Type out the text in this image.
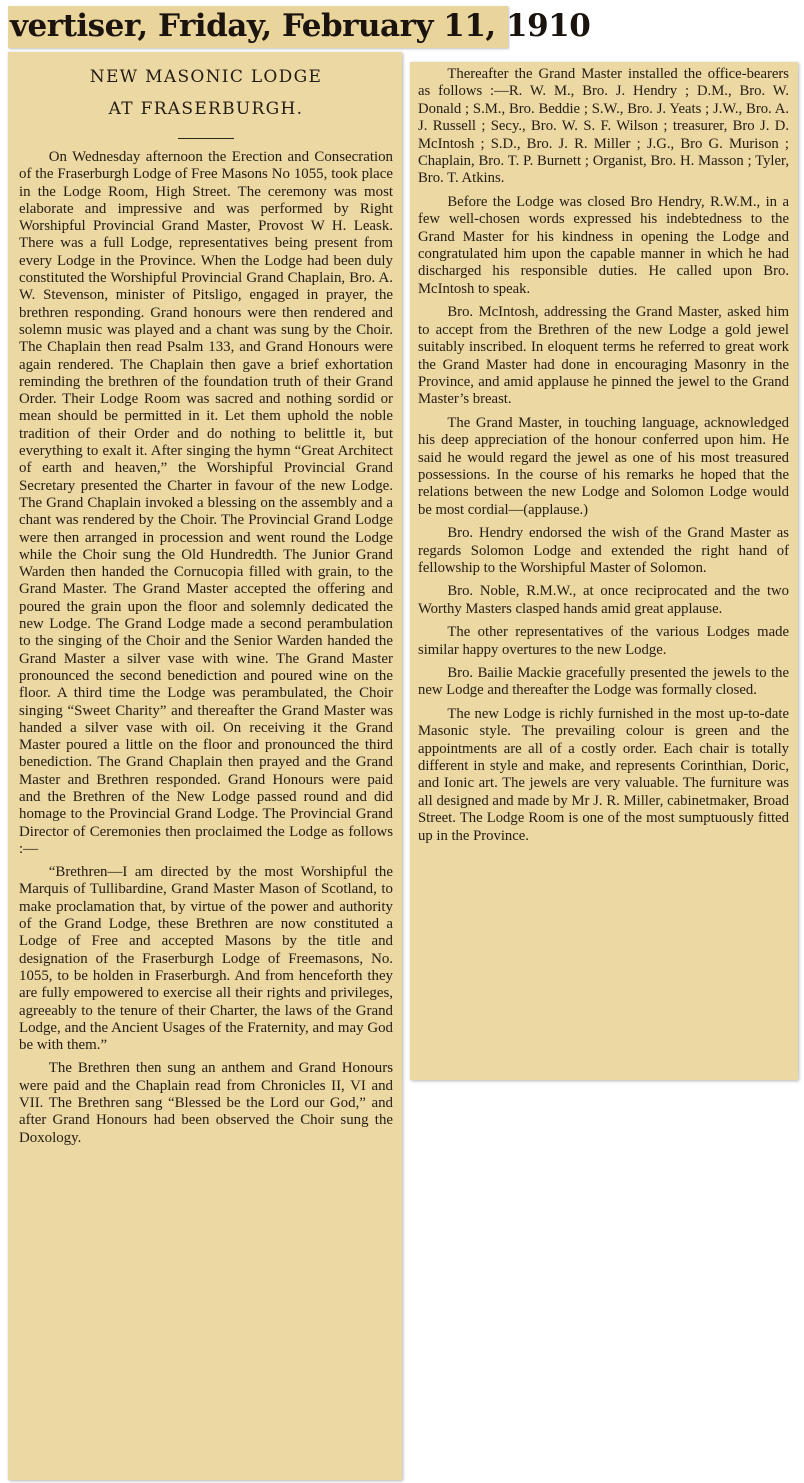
vertiser, Friday, February 11, 1910
NEW MASONIC LODGE
AT FRASERBURGH.

On Wednesday afternoon the Erection and Consecration of the Fraserburgh Lodge of Free Masons No 1055, took place in the Lodge Room, High Street. The ceremony was most elaborate and impressive and was performed by Right Worshipful Provincial Grand Master, Provost W H. Leask. There was a full Lodge, representatives being present from every Lodge in the Province. When the Lodge had been duly constituted the Worshipful Provincial Grand Chaplain, Bro. A. W. Stevenson, minister of Pitsligo, engaged in prayer, the brethren responding. Grand honours were then rendered and solemn music was played and a chant was sung by the Choir. The Chaplain then read Psalm 133, and Grand Honours were again rendered. The Chaplain then gave a brief exhortation reminding the brethren of the foundation truth of their Grand Order. Their Lodge Room was sacred and nothing sordid or mean should be permitted in it. Let them uphold the noble tradition of their Order and do nothing to belittle it, but everything to exalt it. After singing the hymn “Great Architect of earth and heaven,” the Worshipful Provincial Grand Secretary presented the Charter in favour of the new Lodge. The Grand Chaplain invoked a blessing on the assembly and a chant was rendered by the Choir. The Provincial Grand Lodge were then arranged in procession and went round the Lodge while the Choir sung the Old Hundredth. The Junior Grand Warden then handed the Cornucopia filled with grain, to the Grand Master. The Grand Master accepted the offering and poured the grain upon the floor and solemnly dedicated the new Lodge. The Grand Lodge made a second perambulation to the singing of the Choir and the Senior Warden handed the Grand Master a silver vase with wine. The Grand Master pronounced the second benediction and poured wine on the floor. A third time the Lodge was perambulated, the Choir singing “Sweet Charity” and thereafter the Grand Master was handed a silver vase with oil. On receiving it the Grand Master poured a little on the floor and pronounced the third benediction. The Grand Chaplain then prayed and the Grand Master and Brethren responded. Grand Honours were paid and the Brethren of the New Lodge passed round and did homage to the Provincial Grand Lodge. The Provincial Grand Director of Ceremonies then proclaimed the Lodge as follows :—

“Brethren—I am directed by the most Worshipful the Marquis of Tullibardine, Grand Master Mason of Scotland, to make proclamation that, by virtue of the power and authority of the Grand Lodge, these Brethren are now constituted a Lodge of Free and accepted Masons by the title and designation of the Fraserburgh Lodge of Freemasons, No. 1055, to be holden in Fraserburgh. And from henceforth they are fully empowered to exercise all their rights and privileges, agreeably to the tenure of their Charter, the laws of the Grand Lodge, and the Ancient Usages of the Fraternity, and may God be with them.”

The Brethren then sung an anthem and Grand Honours were paid and the Chaplain read from Chronicles II, VI and VII. The Brethren sang “Blessed be the Lord our God,” and after Grand Honours had been observed the Choir sung the Doxology.

Thereafter the Grand Master installed the office-bearers as follows :—R. W. M., Bro. J. Hendry ; D.M., Bro. W. Donald ; S.M., Bro. Beddie ; S.W., Bro. J. Yeats ; J.W., Bro. A. J. Russell ; Secy., Bro. W. S. F. Wilson ; treasurer, Bro J. D. McIntosh ; S.D., Bro. J. R. Miller ; J.G., Bro G. Murison ; Chaplain, Bro. T. P. Burnett ; Organist, Bro. H. Masson ; Tyler, Bro. T. Atkins.

Before the Lodge was closed Bro Hendry, R.W.M., in a few well-chosen words expressed his indebtedness to the Grand Master for his kindness in opening the Lodge and congratulated him upon the capable manner in which he had discharged his responsible duties. He called upon Bro. McIntosh to speak.

Bro. McIntosh, addressing the Grand Master, asked him to accept from the Brethren of the new Lodge a gold jewel suitably inscribed. In eloquent terms he referred to great work the Grand Master had done in encouraging Masonry in the Province, and amid applause he pinned the jewel to the Grand Master’s breast.

The Grand Master, in touching language, acknowledged his deep appreciation of the honour conferred upon him. He said he would regard the jewel as one of his most treasured possessions. In the course of his remarks he hoped that the relations between the new Lodge and Solomon Lodge would be most cordial—(applause.)

Bro. Hendry endorsed the wish of the Grand Master as regards Solomon Lodge and extended the right hand of fellowship to the Worshipful Master of Solomon.

Bro. Noble, R.M.W., at once reciprocated and the two Worthy Masters clasped hands amid great applause.

The other representatives of the various Lodges made similar happy overtures to the new Lodge.

Bro. Bailie Mackie gracefully presented the jewels to the new Lodge and thereafter the Lodge was formally closed.

The new Lodge is richly furnished in the most up-to-date Masonic style. The prevailing colour is green and the appointments are all of a costly order. Each chair is totally different in style and make, and represents Corinthian, Doric, and Ionic art. The jewels are very valuable. The furniture was all designed and made by Mr J. R. Miller, cabinetmaker, Broad Street. The Lodge Room is one of the most sumptuously fitted up in the Province.
